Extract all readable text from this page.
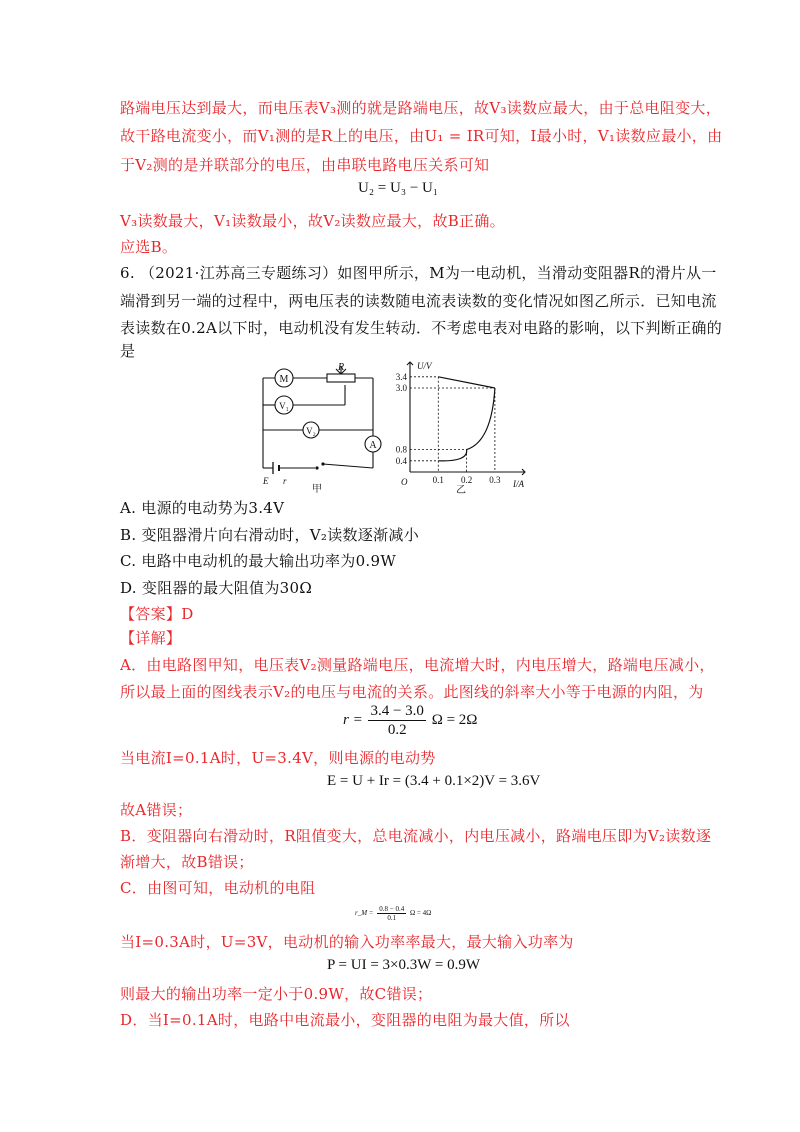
路端电压达到最大，而电压表V₃测的就是路端电压，故V₃读数应最大，由于总电阻变大，
故干路电流变小，而V₁测的是R上的电压，由U₁ = IR可知，I最小时，V₁读数应最小，由
于V₂测的是并联部分的电压，由串联电路电压关系可知
U₂ = U₃ − U₁
V₃读数最大，V₁读数最小，故V₂读数应最大，故B正确。
应选B。
6. （2021·江苏高三专题练习）如图甲所示，M为一电动机，当滑动变阻器R的滑片从一
端滑到另一端的过程中，两电压表的读数随电流表读数的变化情况如图乙所示．已知电流
表读数在0.2A以下时，电动机没有发生转动．不考虑电表对电路的影响，以下判断正确的
是
M
R
V₁
V₂
A
E r
甲
3.4
3.0
0.8
0.4
0.1 0.2 0.3
U/V
I/A
O
乙
A. 电源的电动势为3.4V
B. 变阻器滑片向右滑动时，V₂读数逐渐减小
C. 电路中电动机的最大输出功率为0.9W
D. 变阻器的最大阻值为30Ω
【答案】D
【详解】
A．由电路图甲知，电压表V₂测量路端电压，电流增大时，内电压增大，路端电压减小，
所以最上面的图线表示V₂的电压与电流的关系。此图线的斜率大小等于电源的内阻，为
$r = \frac{3.4 - 3.0}{0.2}$ Ω = 2Ω
当电流I=0.1A时，U=3.4V，则电源的电动势
E = U + Ir = (3.4 + 0.1×2)V = 3.6V
故A错误；
B．变阻器向右滑动时，R阻值变大，总电流减小，内电压减小，路端电压即为V₂读数逐
渐增大，故B错误；
C．由图可知，电动机的电阻
r_M = $\frac{0.8 - 0.4}{0.1}$ Ω = 4Ω
当I=0.3A时，U=3V，电动机的输入功率率最大，最大输入功率为
P = UI = 3×0.3W = 0.9W
则最大的输出功率一定小于0.9W，故C错误；
D．当I=0.1A时，电路中电流最小，变阻器的电阻为最大值，所以
